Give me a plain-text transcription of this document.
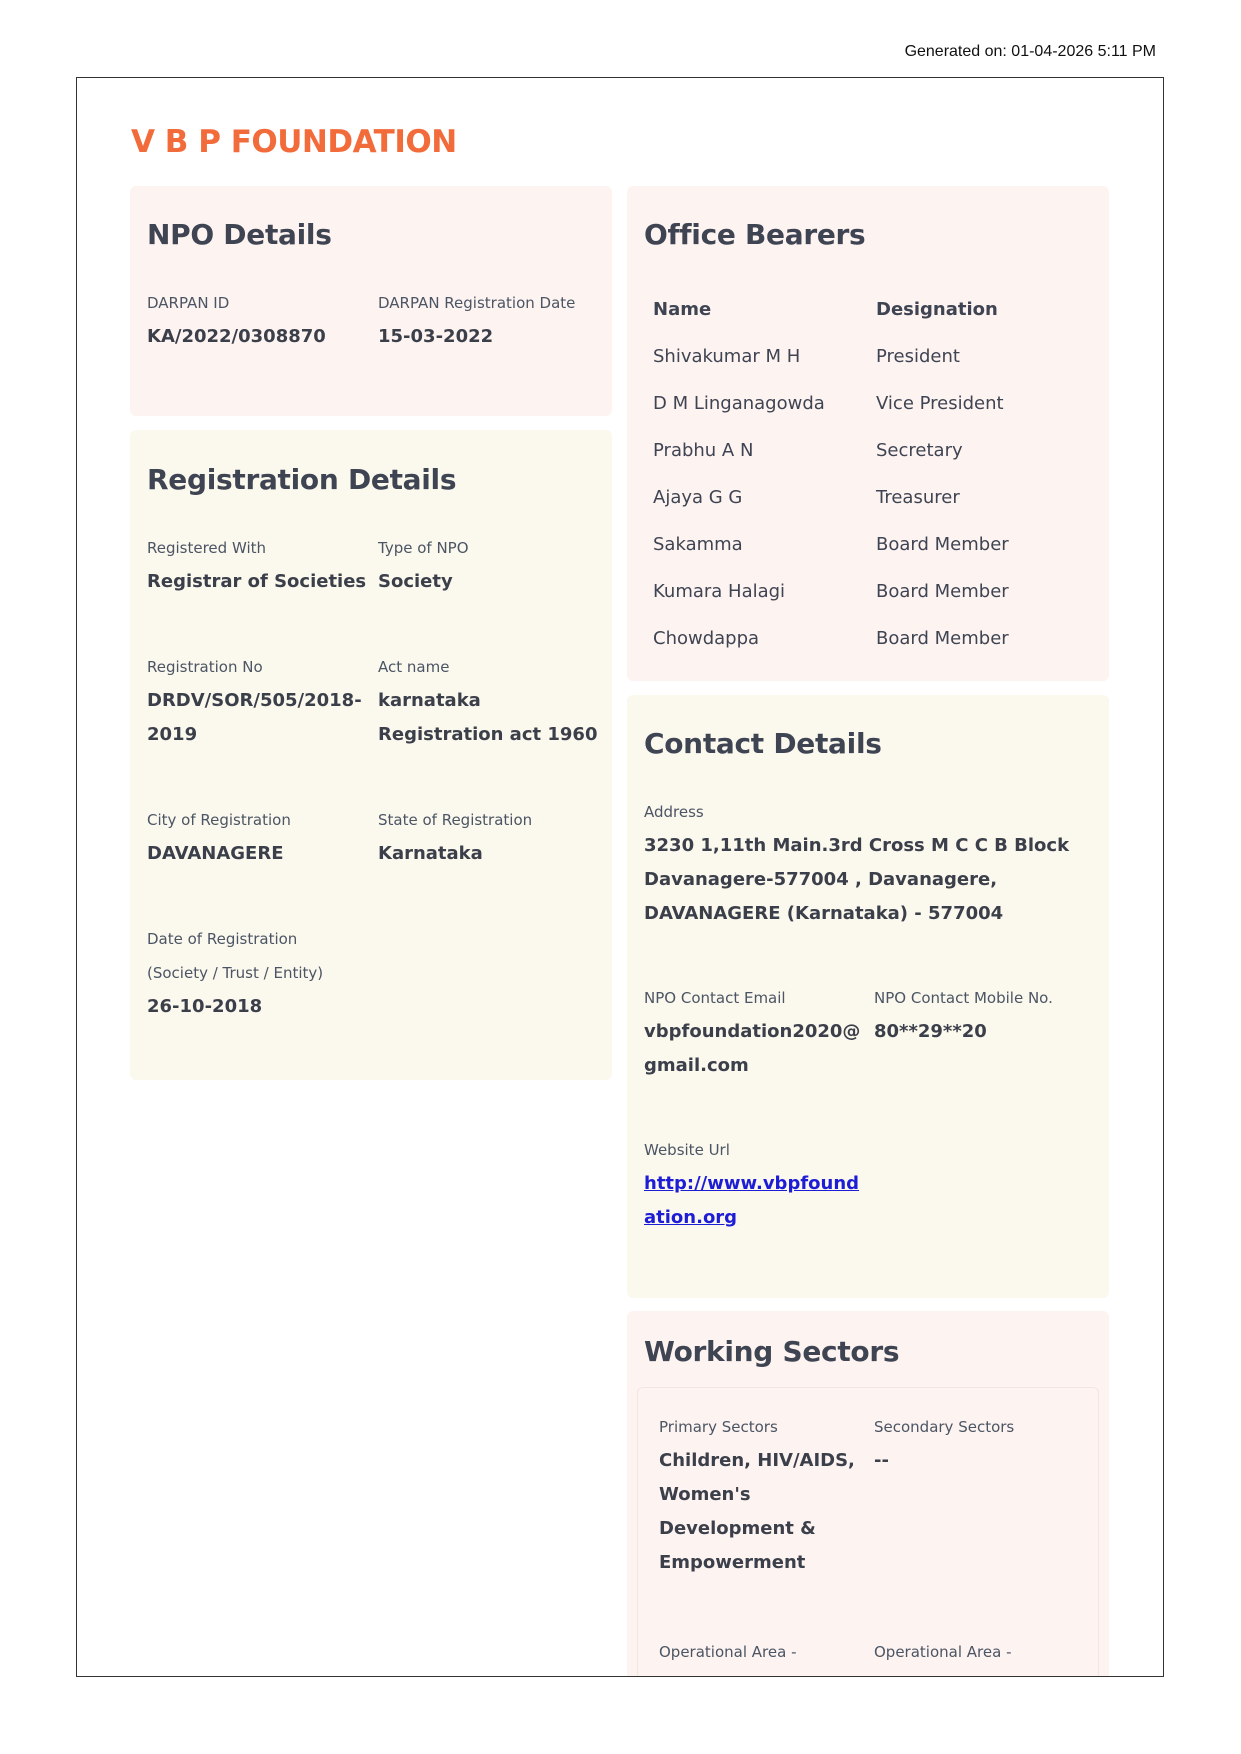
Generated on: 01-04-2026 5:11 PM
V B P FOUNDATION
NPO Details
DARPAN ID
KA/2022/0308870
DARPAN Registration Date
15-03-2022
Registration Details
Registered With
Registrar of Societies
Type of NPO
Society
Registration No
DRDV/SOR/505/2018-
2019
Act name
karnataka
Registration act 1960
City of Registration
DAVANAGERE
State of Registration
Karnataka
Date of Registration
(Society / Trust / Entity)
26-10-2018
Office Bearers
Name	Designation
Shivakumar M H	President
D M Linganagowda	Vice President
Prabhu A N	Secretary
Ajaya G G	Treasurer
Sakamma	Board Member
Kumara Halagi	Board Member
Chowdappa	Board Member
Contact Details
Address
3230 1,11th Main.3rd Cross M C C B Block
Davanagere-577004 , Davanagere,
DAVANAGERE (Karnataka) - 577004
NPO Contact Email
vbpfoundation2020@
gmail.com
NPO Contact Mobile No.
80**29**20
Website Url
http://www.vbpfound
ation.org
Working Sectors
Primary Sectors
Children, HIV/AIDS,
Women's
Development &
Empowerment
Secondary Sectors
--
Operational Area -	Operational Area -
